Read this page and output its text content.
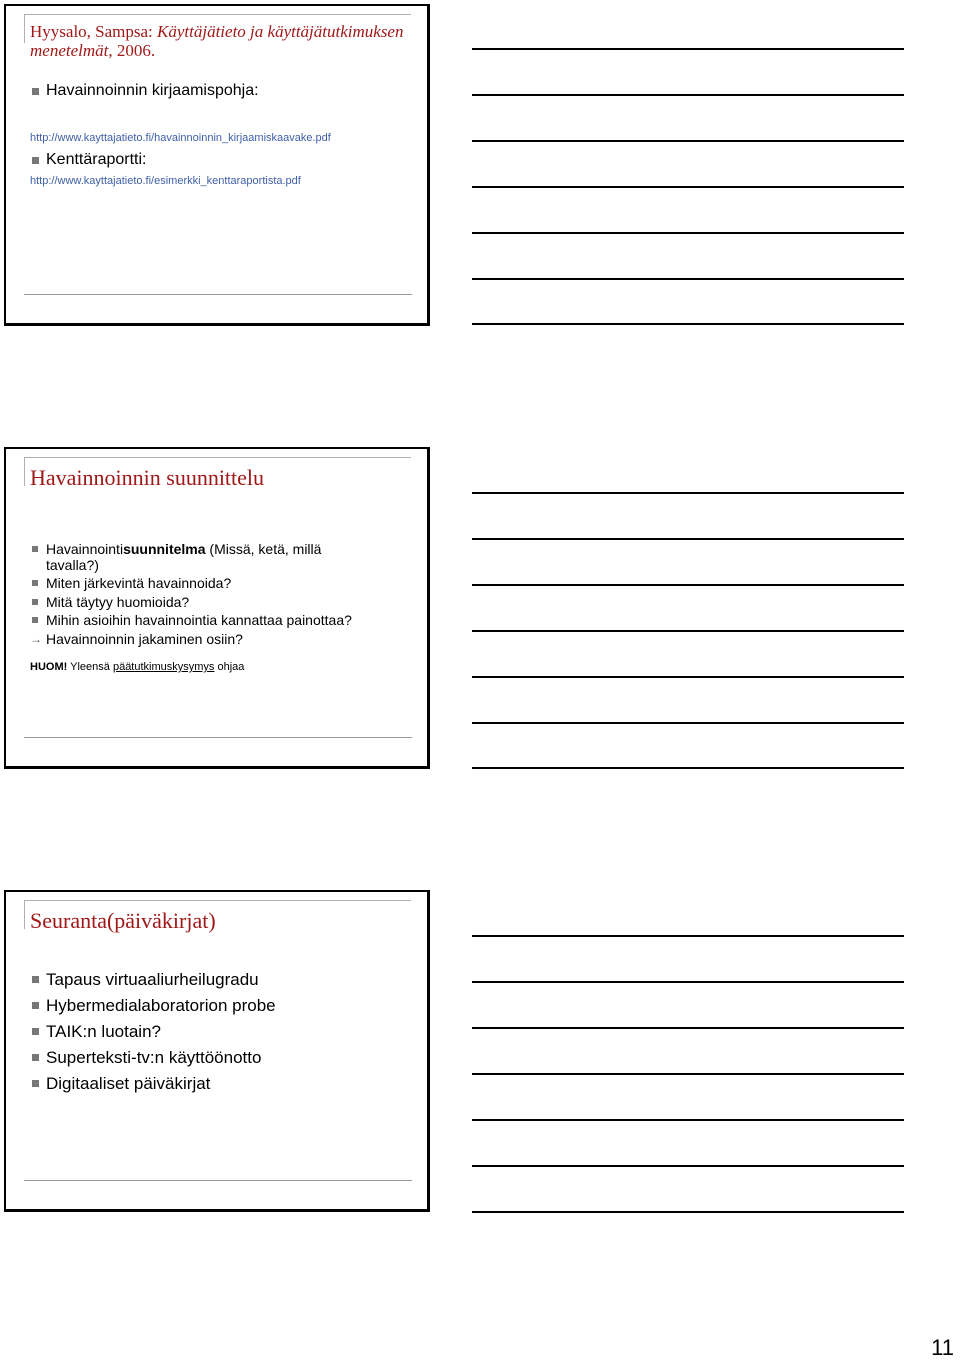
Hyysalo, Sampsa: Käyttäjätieto ja käyttäjätutkimuksen menetelmät, 2006.
Havainnoinnin kirjaamispohja:
http://www.kayttajatieto.fi/havainnoinnin_kirjaamiskaavake.pdf
Kenttäraportti:
http://www.kayttajatieto.fi/esimerkki_kenttaraportista.pdf
Havainnoinnin suunnittelu
Havainnointisuunnitelma (Missä, ketä, millä
tavalla?)
Miten järkevintä havainnoida?
Mitä täytyy huomioida?
Mihin asioihin havainnointia kannattaa painottaa?
→ Havainnoinnin jakaminen osiin?
HUOM! Yleensä päätutkimuskysymys ohjaa
Seuranta(päiväkirjat)
Tapaus virtuaaliurheilugradu
Hybermedialaboratorion probe
TAIK:n luotain?
Superteksti-tv:n käyttöönotto
Digitaaliset päiväkirjat
11
